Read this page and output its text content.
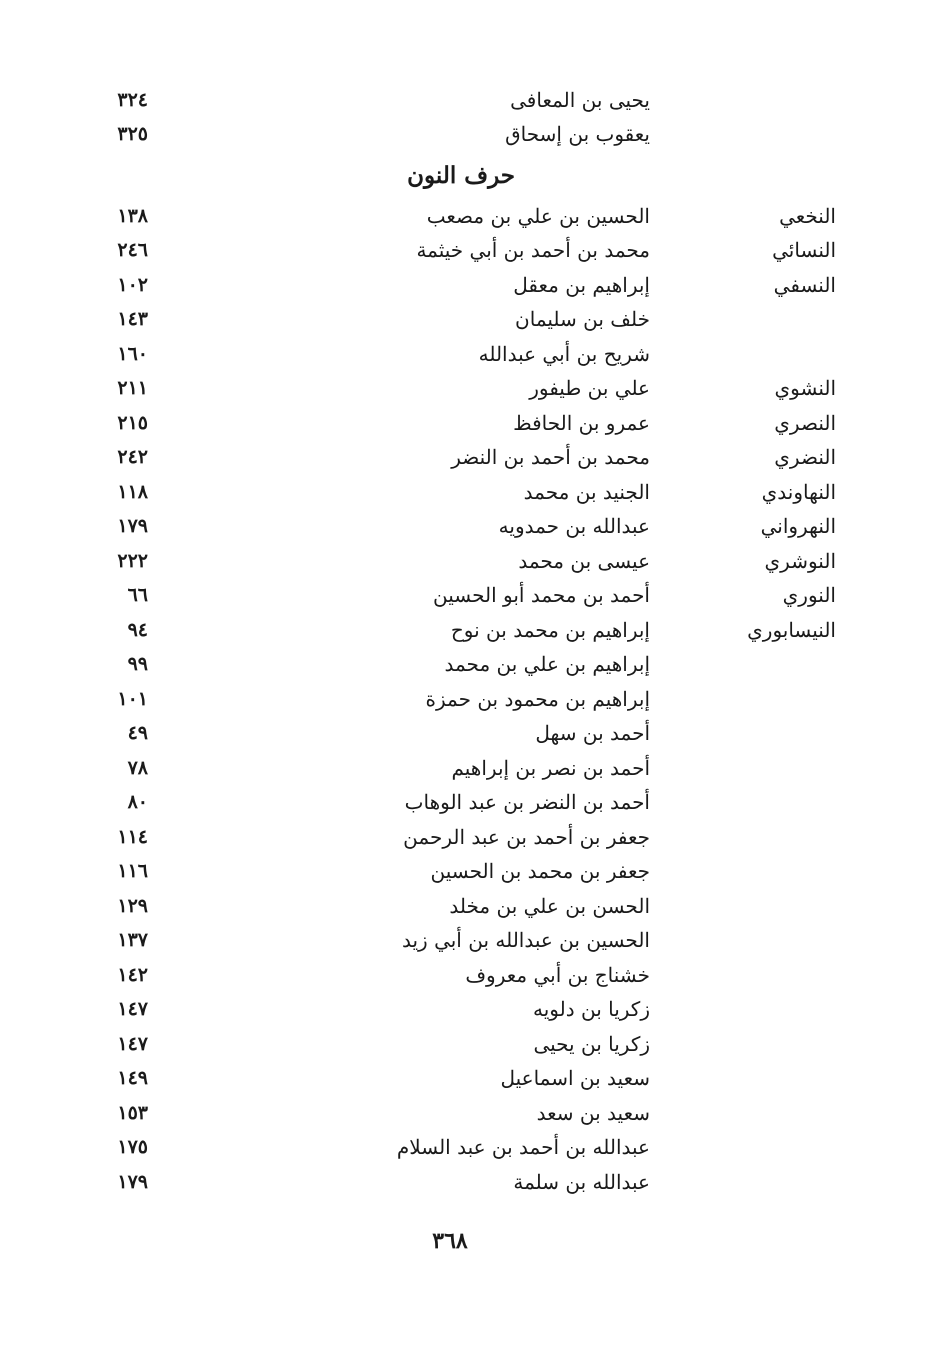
يحيى بن المعافى
٣٢٤
يعقوب بن إسحاق
٣٢٥
حرف النون
النخعي
الحسين بن علي بن مصعب
١٣٨
النسائي
محمد بن أحمد بن أبي خيثمة
٢٤٦
النسفي
إبراهيم بن معقل
١٠٢
خلف بن سليمان
١٤٣
شريح بن أبي عبدالله
١٦٠
النشوي
علي بن طيفور
٢١١
النصري
عمرو بن الحافظ
٢١٥
النضري
محمد بن أحمد بن النضر
٢٤٢
النهاوندي
الجنيد بن محمد
١١٨
النهرواني
عبدالله بن حمدويه
١٧٩
النوشري
عيسى بن محمد
٢٢٢
النوري
أحمد بن محمد أبو الحسين
٦٦
النيسابوري
إبراهيم بن محمد بن نوح
٩٤
إبراهيم بن علي بن محمد
٩٩
إبراهيم بن محمود بن حمزة
١٠١
أحمد بن سهل
٤٩
أحمد بن نصر بن إبراهيم
٧٨
أحمد بن النضر بن عبد الوهاب
٨٠
جعفر بن أحمد بن عبد الرحمن
١١٤
جعفر بن محمد بن الحسين
١١٦
الحسن بن علي بن مخلد
١٢٩
الحسين بن عبدالله بن أبي زيد
١٣٧
خشناج بن أبي معروف
١٤٢
زكريا بن دلويه
١٤٧
زكريا بن يحيى
١٤٧
سعيد بن اسماعيل
١٤٩
سعيد بن سعد
١٥٣
عبدالله بن أحمد بن عبد السلام
١٧٥
عبدالله بن سلمة
١٧٩
٣٦٨
